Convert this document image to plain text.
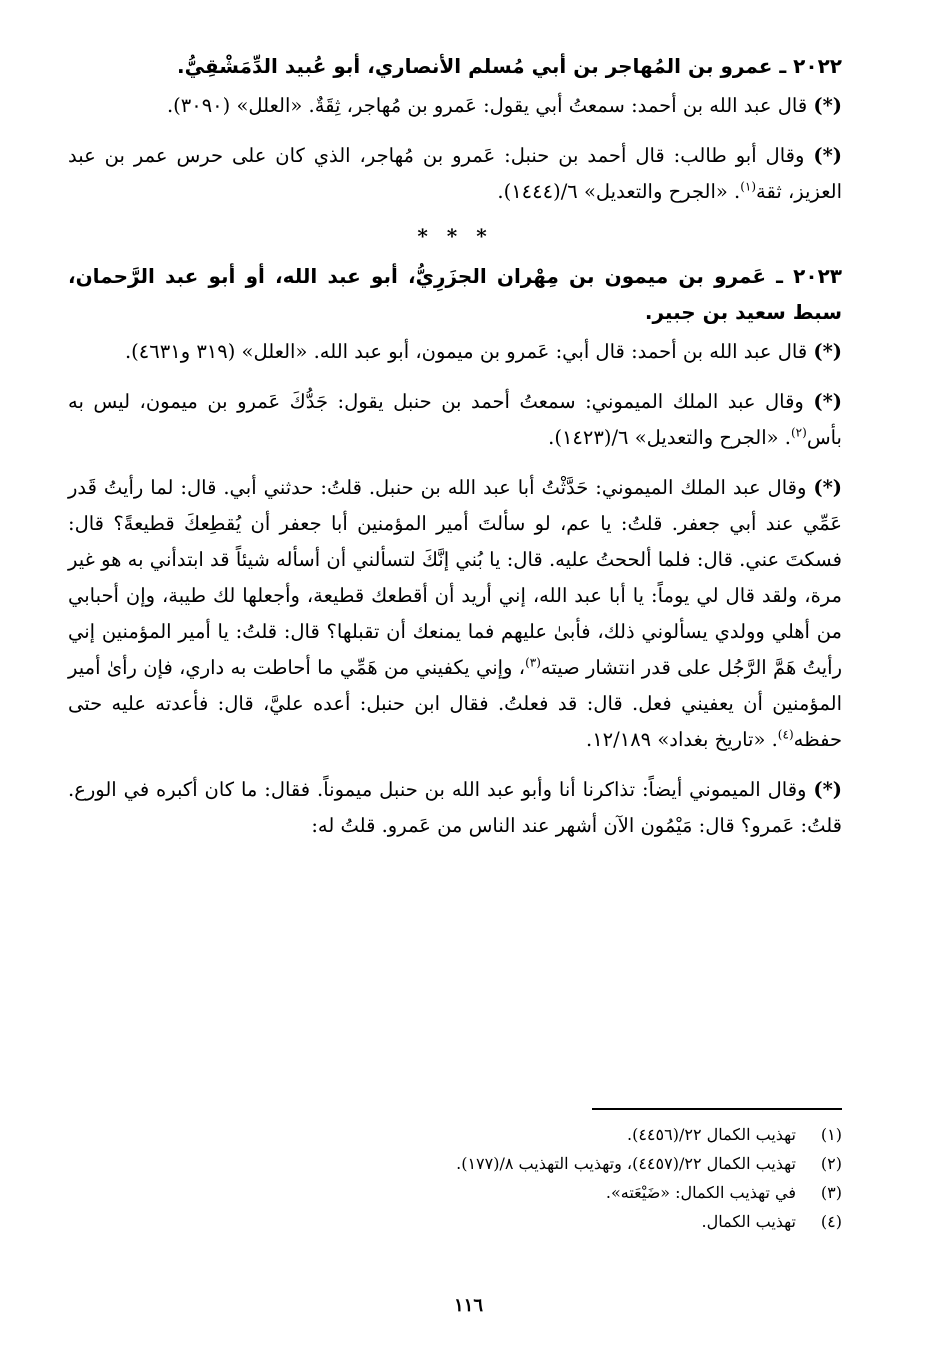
٢٠٢٢ ـ عمرو بن المُهاجر بن أبي مُسلم الأنصاري، أبو عُبيد الدِّمَشْقِيُّ.

(*) قال عبد الله بن أحمد: سمعتُ أبي يقول: عَمرو بن مُهاجر، ثِقَةٌ. «العلل» (٣٠٩٠).

(*) وقال أبو طالب: قال أحمد بن حنبل: عَمرو بن مُهاجر، الذي كان على حرس عمر بن عبد العزيز، ثقة$^{(١)}$. «الجرح والتعديل» ٦/(١٤٤٤).

* * *
٢٠٢٣ ـ عَمرو بن ميمون بن مِهْران الجزَرِيُّ، أبو عبد الله، أو أبو عبد الرَّحمان، سبط سعيد بن جبير.

(*) قال عبد الله بن أحمد: قال أبي: عَمرو بن ميمون، أبو عبد الله. «العلل» (٣١٩ و٤٦٣١).

(*) وقال عبد الملك الميموني: سمعتُ أحمد بن حنبل يقول: جَدُّكَ عَمرو بن ميمون، ليس به بأس$^{(٢)}$. «الجرح والتعديل» ٦/(١٤٢٣).

(*) وقال عبد الملك الميموني: حَدَّثْتُ أبا عبد الله بن حنبل. قلتُ: حدثني أبي. قال: لما رأيتُ قَدر عَمِّي عند أبي جعفر. قلتُ: يا عم، لو سألتَ أمير المؤمنين أبا جعفر أن يُقطِعكَ قطيعةً؟ قال: فسكتَ عني. قال: فلما ألححتُ عليه. قال: يا بُني إنَّكَ لتسألني أن أسأله شيئاً قد ابتدأني به هو غير مرة، ولقد قال لي يوماً: يا أبا عبد الله، إني أريد أن أقطعك قطيعة، وأجعلها لك طيبة، وإن أحبابي من أهلي وولدي يسألوني ذلك، فأبىٰ عليهم فما يمنعك أن تقبلها؟ قال: قلتُ: يا أمير المؤمنين إني رأيتُ هَمَّ الرَّجُل على قدر انتشار صيته$^{(٣)}$، وإني يكفيني من هَمِّي ما أحاطت به داري، فإن رأىٰ أمير المؤمنين أن يعفيني فعل. قال: قد فعلتُ. فقال ابن حنبل: أعده عليَّ، قال: فأعدته عليه حتى حفظه$^{(٤)}$. «تاريخ بغداد» ١٢/١٨٩.

(*) وقال الميموني أيضاً: تذاكرنا أنا وأبو عبد الله بن حنبل ميموناً. فقال: ما كان أكبره في الورع. قلتُ: عَمرو؟ قال: مَيْمُون الآن أشهر عند الناس من عَمرو. قلتُ له:

(١)
تهذيب الكمال ٢٢/(٤٤٥٦).
(٢)
تهذيب الكمال ٢٢/(٤٤٥٧)، وتهذيب التهذيب ٨/(١٧٧).
(٣)
في تهذيب الكمال: «ضَيْعَته».
(٤)
تهذيب الكمال.
١١٦
